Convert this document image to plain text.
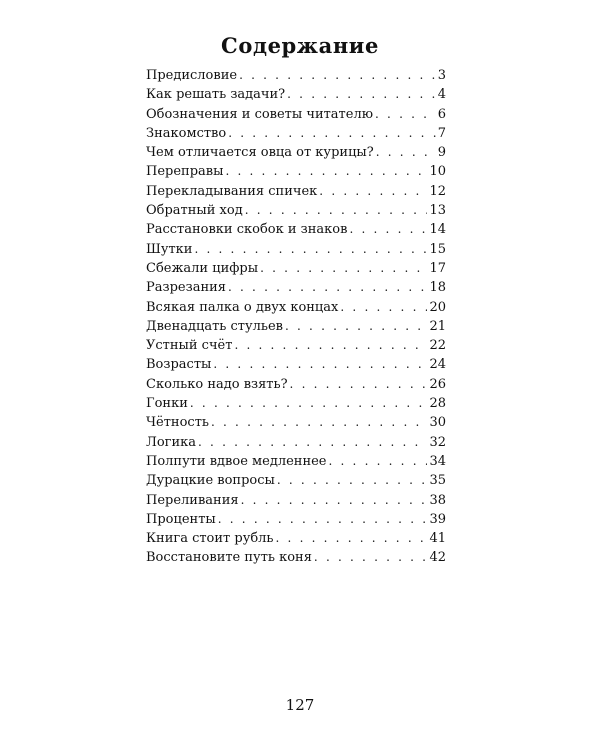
Содержание
Предисловие . . .	3
Как решать задачи? . . .	4
Обозначения и советы читателю . . .	6
Знакомство . . .	7
Чем отличается овца от курицы? . . .	9
Переправы . . .	10
Перекладывания спичек . . .	12
Обратный ход . . .	13
Расстановки скобок и знаков . . .	14
Шутки . . .	15
Сбежали цифры . . .	17
Разрезания . . .	18
Всякая палка о двух концах . . .	20
Двенадцать стульев . . .	21
Устный счёт . . .	22
Возрасты . . .	24
Сколько надо взять? . . .	26
Гонки . . .	28
Чётность . . .	30
Логика . . .	32
Полпути вдвое медленнее . . .	34
Дурацкие вопросы . . .	35
Переливания . . .	38
Проценты . . .	39
Книга стоит рубль . . .	41
Восстановите путь коня . . .	42
127
